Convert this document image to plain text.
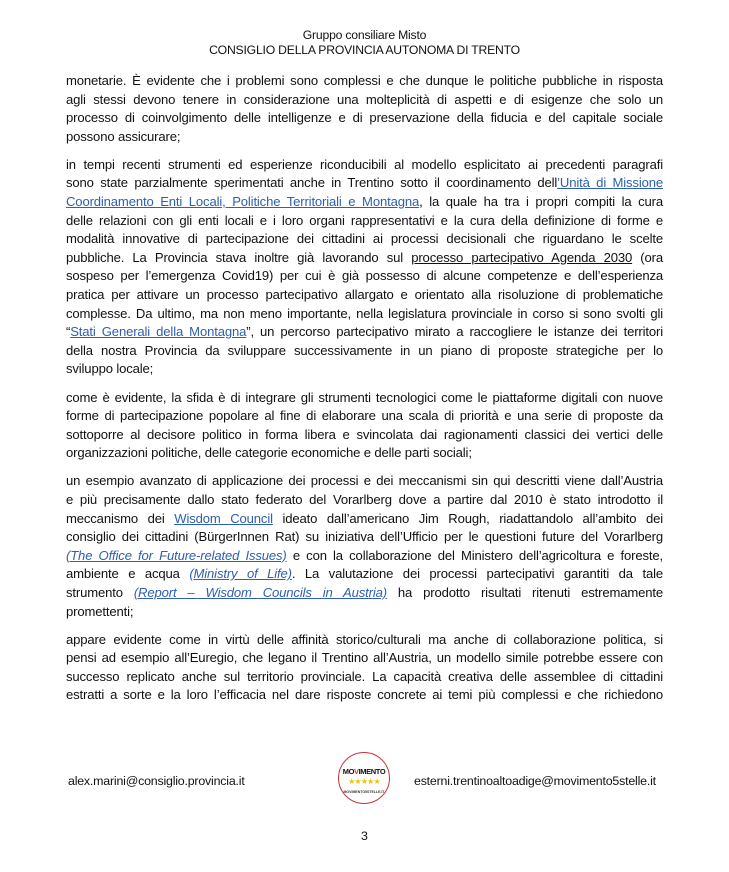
Gruppo consiliare Misto
CONSIGLIO DELLA PROVINCIA AUTONOMA DI TRENTO
monetarie. È evidente che i problemi sono complessi e che dunque le politiche pubbliche in risposta
agli stessi devono tenere in considerazione una molteplicità di aspetti e di esigenze che solo un
processo di coinvolgimento delle intelligenze e di preservazione della fiducia e del capitale sociale
possono assicurare;
in tempi recenti strumenti ed esperienze riconducibili al modello esplicitato ai precedenti paragrafi
sono state parzialmente sperimentati anche in Trentino sotto il coordinamento dell’Unità di Missione
Coordinamento Enti Locali, Politiche Territoriali e Montagna, la quale ha tra i propri compiti la cura
delle relazioni con gli enti locali e i loro organi rappresentativi e la cura della definizione di forme e
modalità innovative di partecipazione dei cittadini ai processi decisionali che riguardano le scelte
pubbliche. La Provincia stava inoltre già lavorando sul processo partecipativo Agenda 2030 (ora
sospeso per l’emergenza Covid19) per cui è già possesso di alcune competenze e dell’esperienza
pratica per attivare un processo partecipativo allargato e orientato alla risoluzione di problematiche
complesse. Da ultimo, ma non meno importante, nella legislatura provinciale in corso si sono svolti gli
“Stati Generali della Montagna”, un percorso partecipativo mirato a raccogliere le istanze dei territori
della nostra Provincia da sviluppare successivamente in un piano di proposte strategiche per lo
sviluppo locale;
come è evidente, la sfida è di integrare gli strumenti tecnologici come le piattaforme digitali con nuove
forme di partecipazione popolare al fine di elaborare una scala di priorità e una serie di proposte da
sottoporre al decisore politico in forma libera e svincolata dai ragionamenti classici dei vertici delle
organizzazioni politiche, delle categorie economiche e delle parti sociali;
un esempio avanzato di applicazione dei processi e dei meccanismi sin qui descritti viene dall’Austria
e più precisamente dallo stato federato del Vorarlberg dove a partire dal 2010 è stato introdotto il
meccanismo dei Wisdom Council ideato dall’americano Jim Rough, riadattandolo all’ambito dei
consiglio dei cittadini (BürgerInnen Rat) su iniziativa dell’Ufficio per le questioni future del Vorarlberg
(The Office for Future-related Issues) e con la collaborazione del Ministero dell’agricoltura e foreste,
ambiente e acqua (Ministry of Life). La valutazione dei processi partecipativi garantiti da tale
strumento (Report – Wisdom Councils in Austria) ha prodotto risultati ritenuti estremamente
promettenti;
appare evidente come in virtù delle affinità storico/culturali ma anche di collaborazione politica, si
pensi ad esempio all’Euregio, che legano il Trentino all’Austria, un modello simile potrebbe essere con
successo replicato anche sul territorio provinciale. La capacità creativa delle assemblee di cittadini
estratti a sorte e la loro l’efficacia nel dare risposte concrete ai temi più complessi e che richiedono
alex.marini@consiglio.provincia.it
MOVIMENTO
★★★★★
MOVIMENTO5STELLE.IT
esterni.trentinoaltoadige@movimento5stelle.it
3
